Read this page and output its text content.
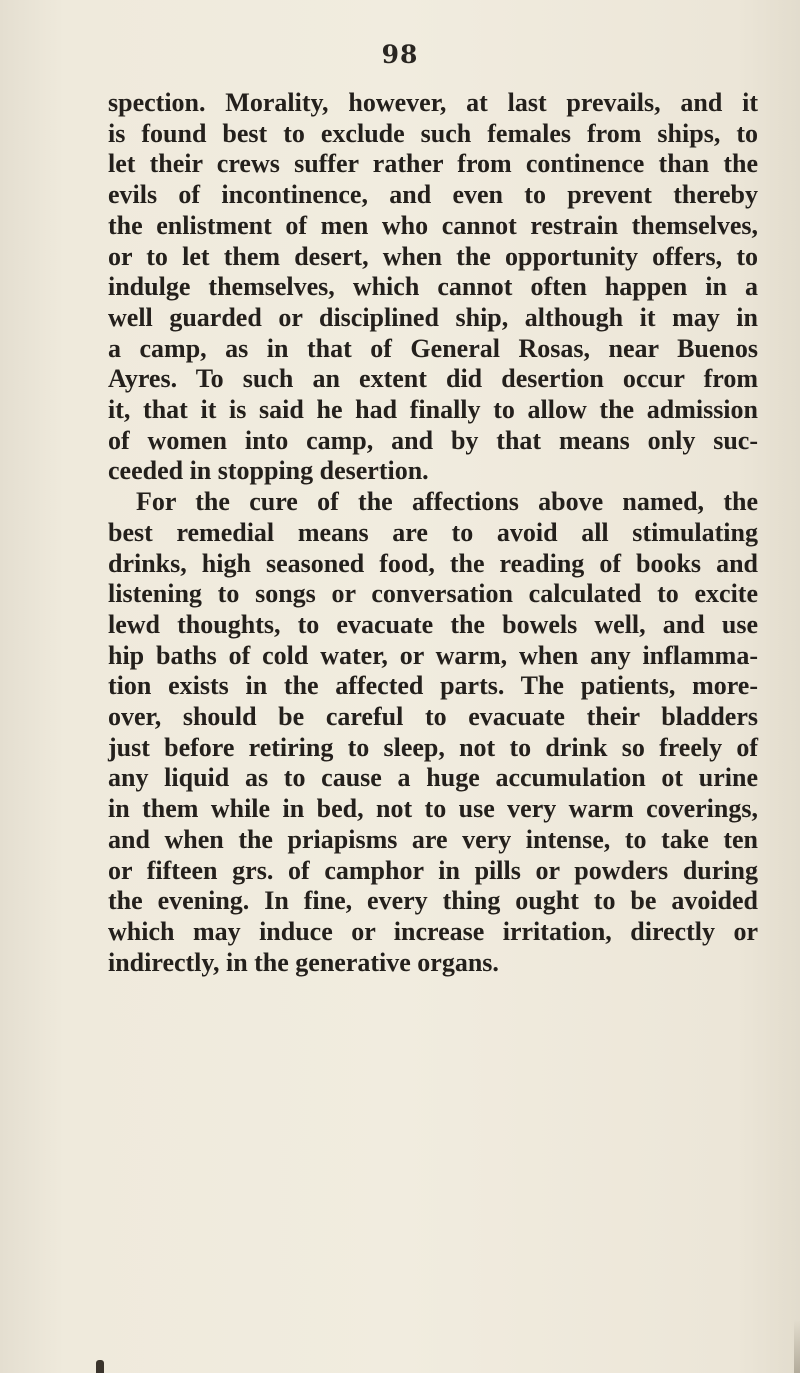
98
spection. Morality, however, at last prevails, and it
is found best to exclude such females from ships, to
let their crews suffer rather from continence than the
evils of incontinence, and even to prevent thereby
the enlistment of men who cannot restrain themselves,
or to let them desert, when the opportunity offers, to
indulge themselves, which cannot often happen in a
well guarded or disciplined ship, although it may in
a camp, as in that of General Rosas, near Buenos
Ayres. To such an extent did desertion occur from
it, that it is said he had finally to allow the admission
of women into camp, and by that means only suc-
ceeded in stopping desertion.
For the cure of the affections above named, the
best remedial means are to avoid all stimulating
drinks, high seasoned food, the reading of books and
listening to songs or conversation calculated to excite
lewd thoughts, to evacuate the bowels well, and use
hip baths of cold water, or warm, when any inflamma-
tion exists in the affected parts. The patients, more-
over, should be careful to evacuate their bladders
just before retiring to sleep, not to drink so freely of
any liquid as to cause a huge accumulation ot urine
in them while in bed, not to use very warm coverings,
and when the priapisms are very intense, to take ten
or fifteen grs. of camphor in pills or powders during
the evening. In fine, every thing ought to be avoided
which may induce or increase irritation, directly or
indirectly, in the generative organs.
